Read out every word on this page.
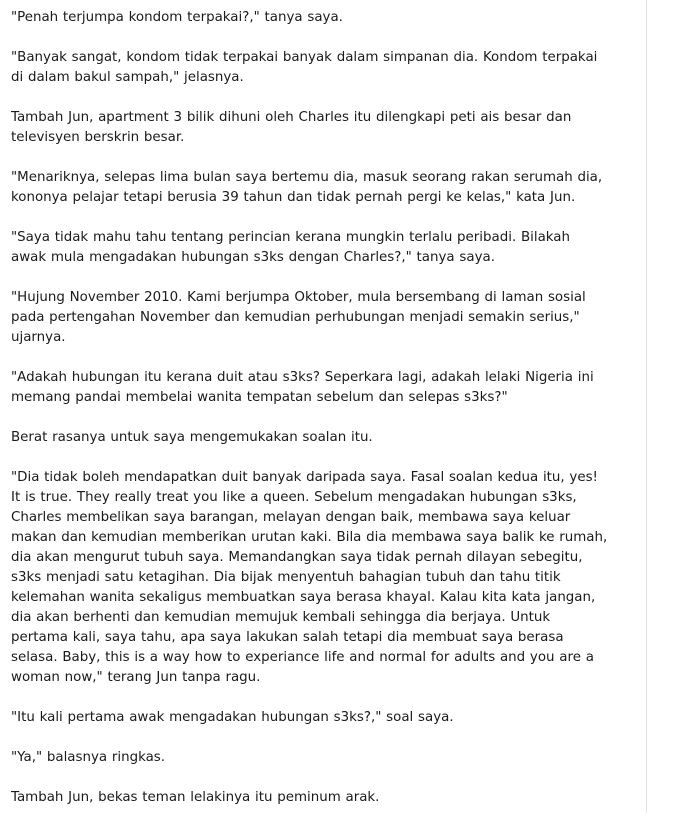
"Penah terjumpa kondom terpakai?," tanya saya.

"Banyak sangat, kondom tidak terpakai banyak dalam simpanan dia. Kondom terpakai
di dalam bakul sampah," jelasnya.

Tambah Jun, apartment 3 bilik dihuni oleh Charles itu dilengkapi peti ais besar dan
televisyen berskrin besar.

"Menariknya, selepas lima bulan saya bertemu dia, masuk seorang rakan serumah dia,
kononya pelajar tetapi berusia 39 tahun dan tidak pernah pergi ke kelas," kata Jun.

"Saya tidak mahu tahu tentang perincian kerana mungkin terlalu peribadi. Bilakah
awak mula mengadakan hubungan s3ks dengan Charles?," tanya saya.

"Hujung November 2010. Kami berjumpa Oktober, mula bersembang di laman sosial
pada pertengahan November dan kemudian perhubungan menjadi semakin serius,"
ujarnya.

"Adakah hubungan itu kerana duit atau s3ks? Seperkara lagi, adakah lelaki Nigeria ini
memang pandai membelai wanita tempatan sebelum dan selepas s3ks?"

Berat rasanya untuk saya mengemukakan soalan itu.

"Dia tidak boleh mendapatkan duit banyak daripada saya. Fasal soalan kedua itu, yes!
It is true. They really treat you like a queen. Sebelum mengadakan hubungan s3ks,
Charles membelikan saya barangan, melayan dengan baik, membawa saya keluar
makan dan kemudian memberikan urutan kaki. Bila dia membawa saya balik ke rumah,
dia akan mengurut tubuh saya. Memandangkan saya tidak pernah dilayan sebegitu,
s3ks menjadi satu ketagihan. Dia bijak menyentuh bahagian tubuh dan tahu titik
kelemahan wanita sekaligus membuatkan saya berasa khayal. Kalau kita kata jangan,
dia akan berhenti dan kemudian memujuk kembali sehingga dia berjaya. Untuk
pertama kali, saya tahu, apa saya lakukan salah tetapi dia membuat saya berasa
selasa. Baby, this is a way how to experiance life and normal for adults and you are a
woman now," terang Jun tanpa ragu.

"Itu kali pertama awak mengadakan hubungan s3ks?," soal saya.

"Ya," balasnya ringkas.

Tambah Jun, bekas teman lelakinya itu peminum arak.
